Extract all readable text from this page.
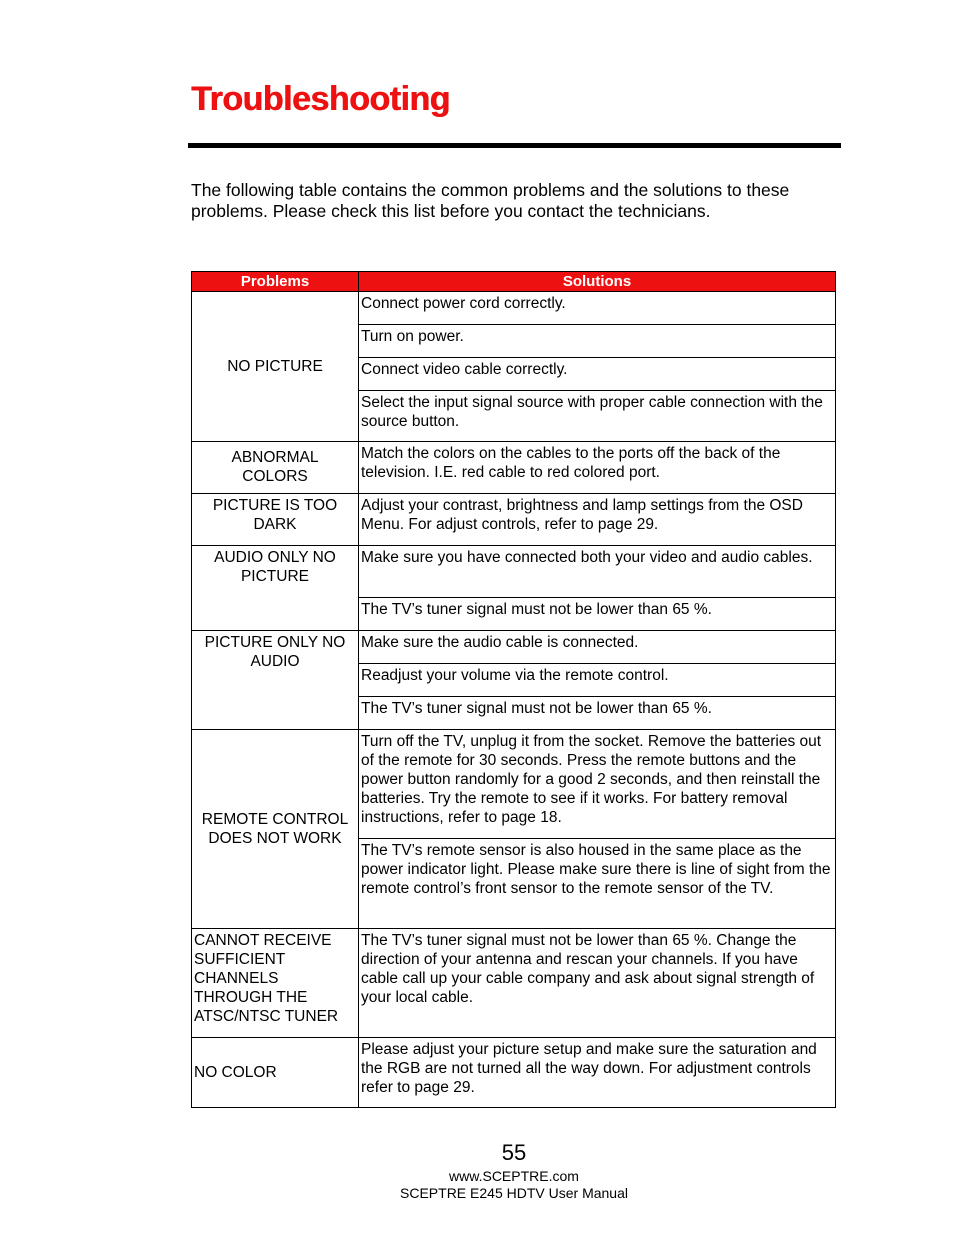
Troubleshooting

The following table contains the common problems and the solutions to these problems. Please check this list before you contact the technicians.

Problems	Solutions
NO PICTURE	Connect power cord correctly.
	Turn on power.
	Connect video cable correctly.
	Select the input signal source with proper cable connection with the source button.
ABNORMAL COLORS	Match the colors on the cables to the ports off the back of the television. I.E. red cable to red colored port.
PICTURE IS TOO DARK	Adjust your contrast, brightness and lamp settings from the OSD Menu. For adjust controls, refer to page 29.
AUDIO ONLY NO PICTURE	Make sure you have connected both your video and audio cables.
	The TV’s tuner signal must not be lower than 65 %.
PICTURE ONLY NO AUDIO	Make sure the audio cable is connected.
	Readjust your volume via the remote control.
	The TV’s tuner signal must not be lower than 65 %.
REMOTE CONTROL DOES NOT WORK	Turn off the TV, unplug it from the socket. Remove the batteries out of the remote for 30 seconds. Press the remote buttons and the power button randomly for a good 2 seconds, and then reinstall the batteries. Try the remote to see if it works. For battery removal instructions, refer to page 18.
	The TV’s remote sensor is also housed in the same place as the power indicator light. Please make sure there is line of sight from the remote control’s front sensor to the remote sensor of the TV.
CANNOT RECEIVE SUFFICIENT CHANNELS THROUGH THE ATSC/NTSC TUNER	The TV’s tuner signal must not be lower than 65 %. Change the direction of your antenna and rescan your channels. If you have cable call up your cable company and ask about signal strength of your local cable.
NO COLOR	Please adjust your picture setup and make sure the saturation and the RGB are not turned all the way down. For adjustment controls refer to page 29.
55
www.SCEPTRE.com
SCEPTRE E245 HDTV User Manual
